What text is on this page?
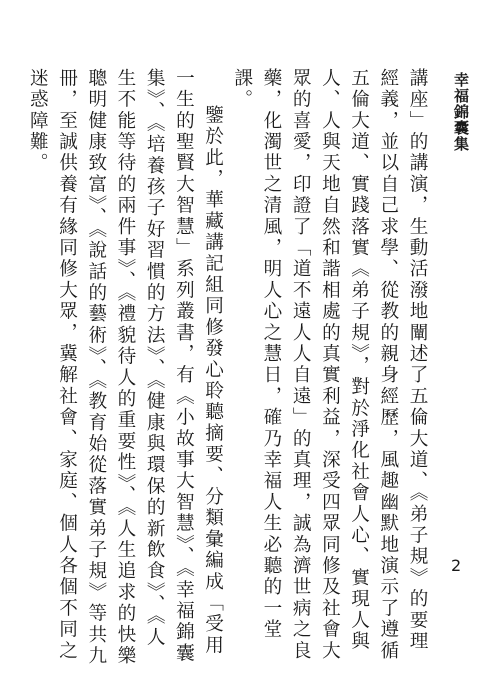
幸福錦囊集
2

講座」的講演，生動活潑地闡述了五倫大道、《弟子規》的要理經義，並以自己求學、從教的親身經歷，風趣幽默地演示了遵循五倫大道、實踐落實《弟子規》，對於淨化社會人心、實現人與人、人與天地自然和諧相處的真實利益，深受四眾同修及社會大眾的喜愛，印證了「道不遠人人自遠」的真理，誠為濟世病之良藥，化濁世之清風，明人心之慧日，確乃幸福人生必聽的一堂課。

鑒於此，華藏講記組同修發心聆聽摘要、分類彙編成「受用一生的聖賢大智慧」系列叢書，有《小故事大智慧》、《幸福錦囊集》、《培養孩子好習慣的方法》、《健康與環保的新飲食》、《人生不能等待的兩件事》、《禮貌待人的重要性》、《人生追求的快樂聰明健康致富》、《說話的藝術》、《教育始從落實弟子規》等共九冊，至誠供養有緣同修大眾，冀解社會、家庭、個人各個不同之迷惑障難。
